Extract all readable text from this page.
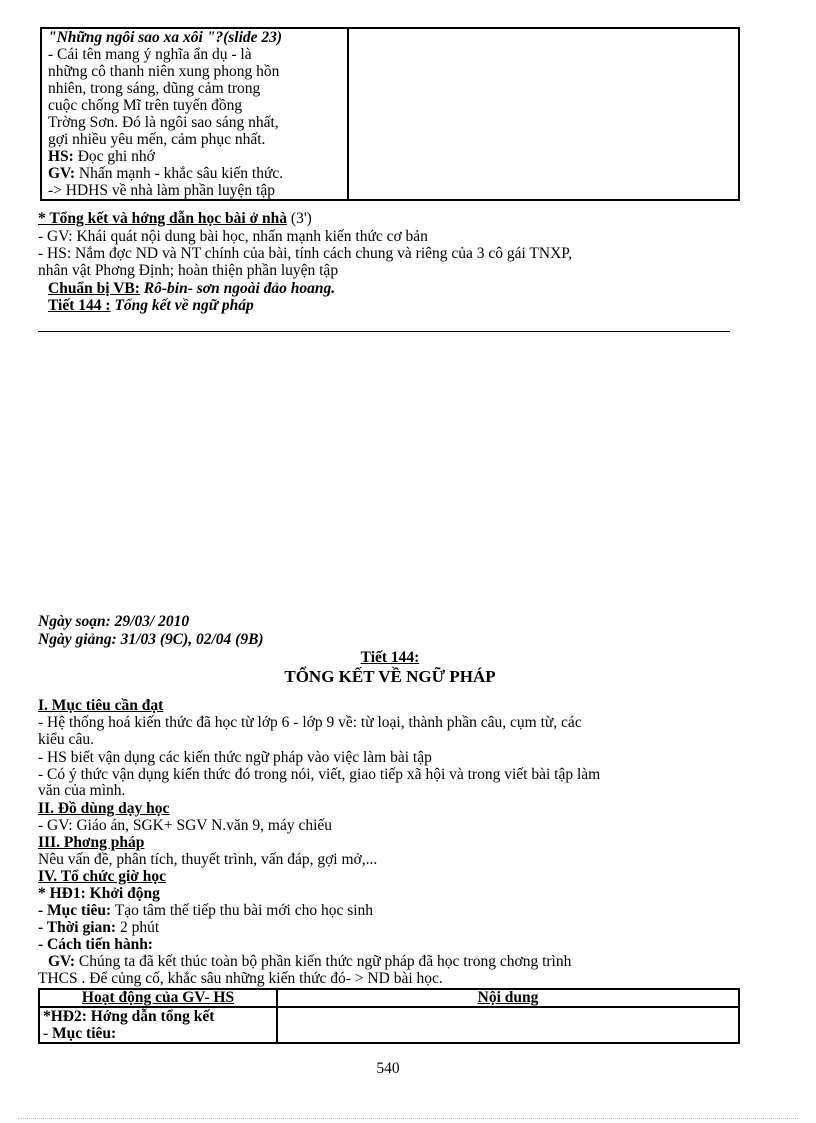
"Những ngôi sao xa xôi "?(slide 23)
- Cái tên mang ý nghĩa ẩn dụ - là
những cô thanh niên xung phong hồn
nhiên, trong sáng, dũng cảm trong
cuộc chống Mĩ trên tuyến đồng
Trờng Sơn. Đó là ngôi sao sáng nhất,
gợi nhiều yêu mến, cảm phục nhất.
HS: Đọc ghi nhớ
GV: Nhấn mạnh - khắc sâu kiến thức.
-> HDHS về nhà làm phần luyện tập
* Tổng kết và hớng dẫn học bài ở nhà (3')
- GV: Khái quát nội dung bài học, nhấn mạnh kiến thức cơ bản
- HS: Nắm đợc ND và NT chính của bài, tính cách chung và riêng của 3 cô gái TNXP,
nhân vật Phơng Định; hoàn thiện phần luyện tập
Chuẩn bị VB: Rô-bin- sơn ngoài đảo hoang.
Tiết 144 : Tổng kết về ngữ pháp
Ngày soạn: 29/03/ 2010
Ngày giảng: 31/03 (9C), 02/04 (9B)
Tiết 144:
TỔNG KẾT VỀ NGỮ PHÁP
I. Mục tiêu cần đạt
- Hệ thống hoá kiến thức đã học từ lớp 6 - lớp 9 về: từ loại, thành phần câu, cụm từ, các
kiểu câu.
- HS biết vận dụng các kiến thức ngữ pháp vào việc làm bài tập
- Có ý thức vận dụng kiến thức đó trong nói, viết, giao tiếp xã hội và trong viết bài tập làm
văn của mình.
II. Đồ dùng dạy học
- GV: Giáo án, SGK+ SGV N.văn 9, máy chiếu
III. Phơng pháp
Nêu vấn đề, phân tích, thuyết trình, vấn đáp, gợi mở,...
IV. Tổ chức giờ học
* HĐ1: Khởi động
- Mục tiêu: Tạo tâm thế tiếp thu bài mới cho học sinh
- Thời gian: 2 phút
- Cách tiến hành:
GV: Chúng ta đã kết thúc toàn bộ phần kiến thức ngữ pháp đã học trong chơng trình
THCS . Để củng cố, khắc sâu những kiến thức đó- > ND bài học.
Hoạt động của GV- HS	Nội dung
*HĐ2: Hớng dẫn tổng kết
- Mục tiêu:
540
